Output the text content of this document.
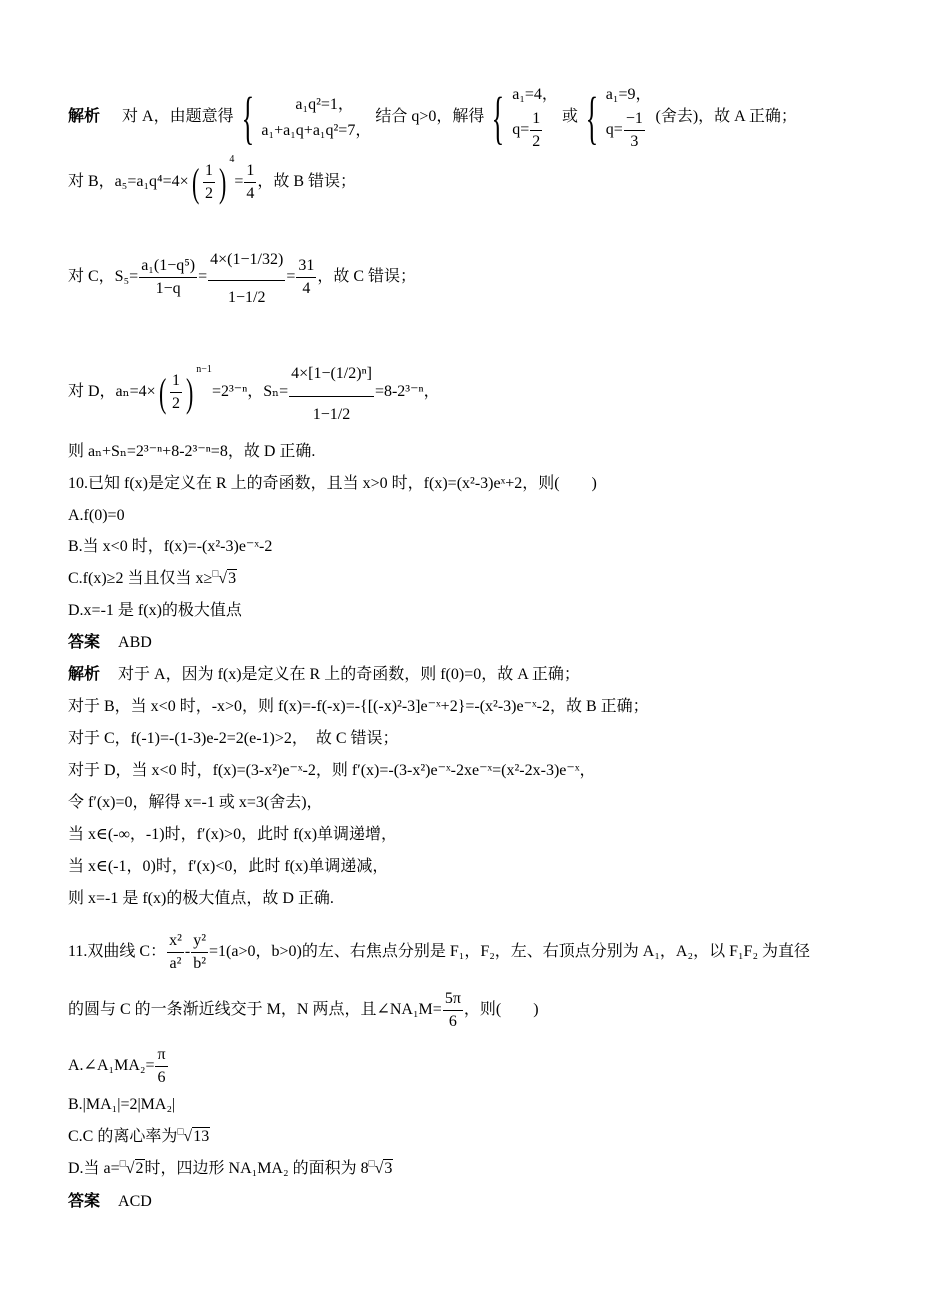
解析 对 A，由题意得 {	a₁q²=1，
a₁+a₁q+a₁q²=7，
结合 q>0，解得 { a₁=4，
$q= \frac{1}{2}$ 或 { a₁=9，
$q= \frac{-1}{3}$ (舍去)，故 A 正确；
对 B，$a_5=a_1q^4=4\times( \frac{1}{2} )^4= \frac{1}{4}$ ，故 B 错误；
对 C，$S_5= \frac{\text{a₁(1−q⁵)}}{1-q} = \frac{4\times(1-1/32)}{1-1/2} = \frac{31}{4}$ ，故 C 错误；
对 D，$a_n=4\times( \frac{1}{2} )^{n-1}=2^{3-n}$，$S_n= \frac{\text{4×[1−(1/2)ⁿ]}}{1-1/2} =8-2^{3-n}$，
则 aₙ+Sₙ=2³⁻ⁿ+8-2³⁻ⁿ=8，故 D 正确.
10.已知 f(x)是定义在 R 上的奇函数，且当 x>0 时，f(x)=(x²-3)eˣ+2，则(　　)
A.f(0)=0
B.当 x<0 时，f(x)=-(x²-3)e⁻ˣ-2
C.f(x)≥2 当且仅当 x≥□√3
D.x=-1 是 f(x)的极大值点
答案 ABD
解析 对于 A，因为 f(x)是定义在 R 上的奇函数，则 f(0)=0，故 A 正确；
对于 B，当 x<0 时，-x>0，则 f(x)=-f(-x)=-{[(-x)²-3]e⁻ˣ+2}=-(x²-3)e⁻ˣ-2，故 B 正确；
对于 C，f(-1)=-(1-3)e-2=2(e-1)>2，　故 C 错误；
对于 D，当 x<0 时，f(x)=(3-x²)e⁻ˣ-2，则 f′(x)=-(3-x²)e⁻ˣ-2xe⁻ˣ=(x²-2x-3)e⁻ˣ，
令 f′(x)=0，解得 x=-1 或 x=3(舍去)，
当 x∈(-∞，-1)时，f′(x)>0，此时 f(x)单调递增，
当 x∈(-1，0)时，f′(x)<0，此时 f(x)单调递减，
则 x=-1 是 f(x)的极大值点，故 D 正确.
11.双曲线 C： $\frac{\text{x²}}{\text{a²}} - \frac{\text{y²}}{\text{b²}} =1(a>0$，b>0)的左、右焦点分别是 F₁，F₂，左、右顶点分别为 A₁，A₂，以 F₁F₂ 为直径
的圆与 C 的一条渐近线交于 M，N 两点，且∠NA₁M= $\frac{5\pi}{6}$ ，则(　　)
A.∠A₁MA₂= $\frac{\pi}{6}$
B.|MA₁|=2|MA₂|
C.C 的离心率为□√13
D.当 a=□√2时，四边形 NA₁MA₂ 的面积为 8□√3
答案 ACD
